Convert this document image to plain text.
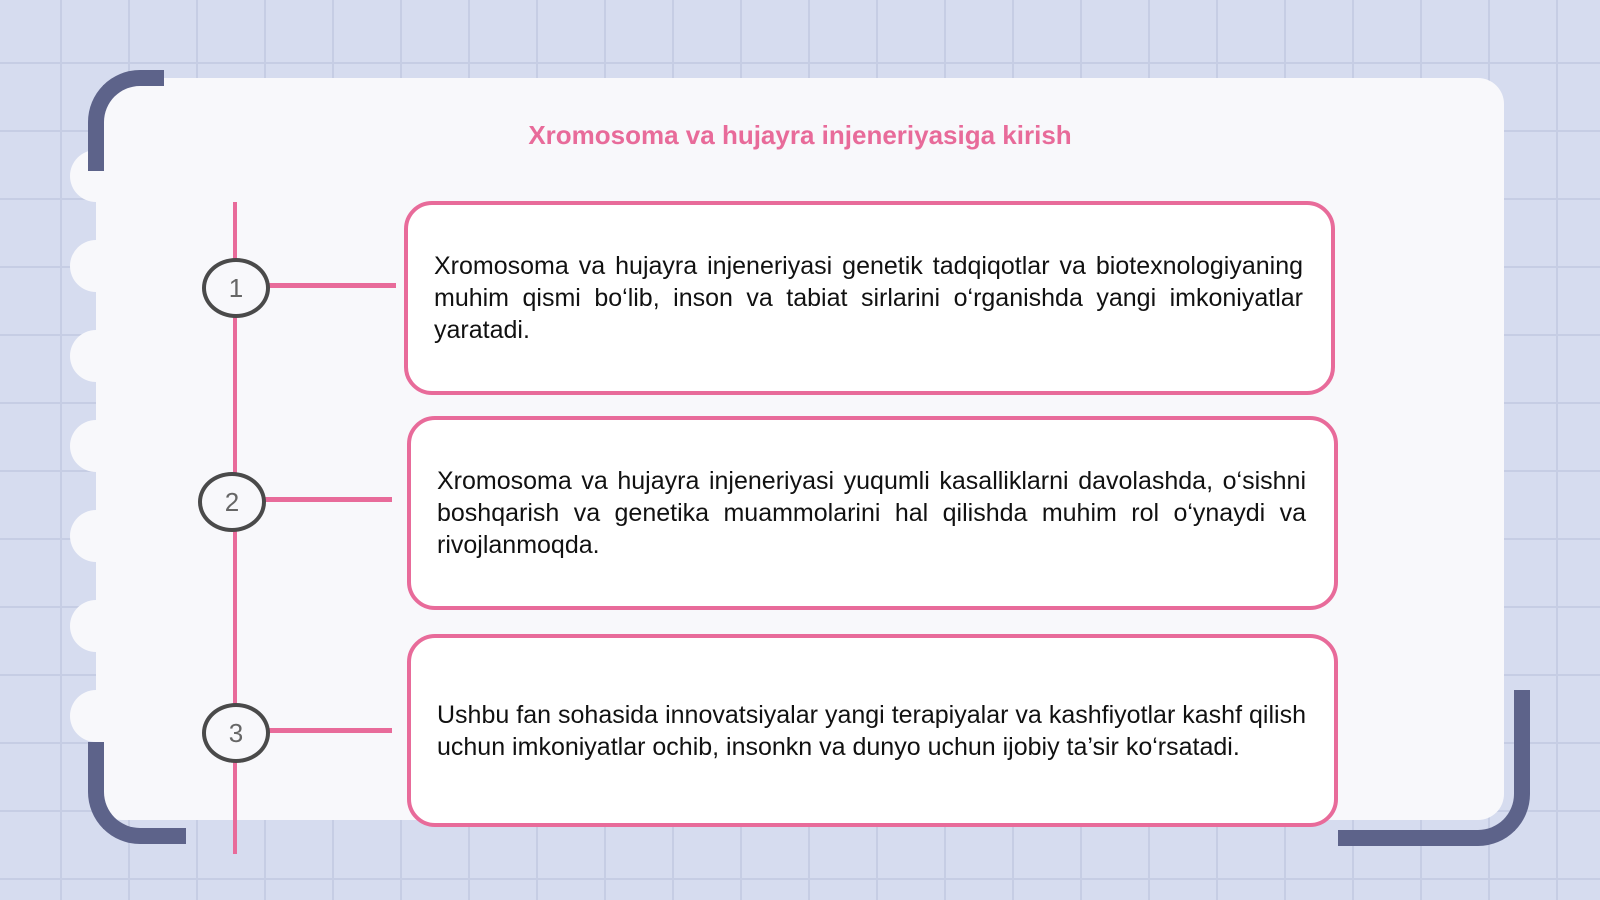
Xromosoma va hujayra injeneriyasiga kirish
1

Xromosoma va hujayra injeneriyasi genetik tadqiqotlar va biotexnologiyaning muhim qismi bo‘lib, inson va tabiat sirlarini o‘rganishda yangi imkoniyatlar yaratadi.

2

Xromosoma va hujayra injeneriyasi yuqumli kasalliklarni davolashda, o‘sishni boshqarish va genetika muammolarini hal qilishda muhim rol o‘ynaydi va rivojlanmoqda.

3

Ushbu fan sohasida innovatsiyalar yangi terapiyalar va kashfiyotlar kashf qilish uchun imkoniyatlar ochib, insonkn va dunyo uchun ijobiy ta’sir ko‘rsatadi.
